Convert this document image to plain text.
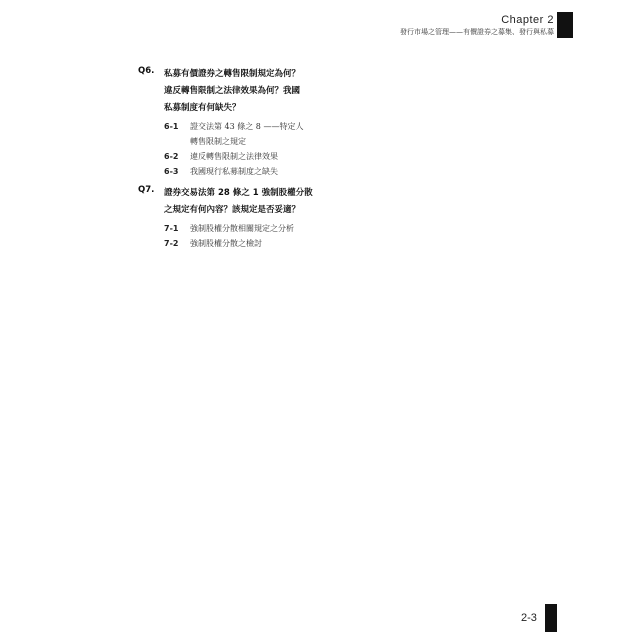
Chapter 2
發行市場之管理——有價證券之募集、發行與私募
Q6. 私募有價證券之轉售限制規定為何？
違反轉售限制之法律效果為何？我國
私募制度有何缺失？
6-1 證交法第 43 條之 8 ——特定人
轉售限制之規定
6-2 違反轉售限制之法律效果
6-3 我國現行私募制度之缺失
Q7. 證券交易法第 28 條之 1 強制股權分散
之規定有何內容？該規定是否妥適？
7-1 強制股權分散相關規定之分析
7-2 強制股權分散之檢討
2-3
